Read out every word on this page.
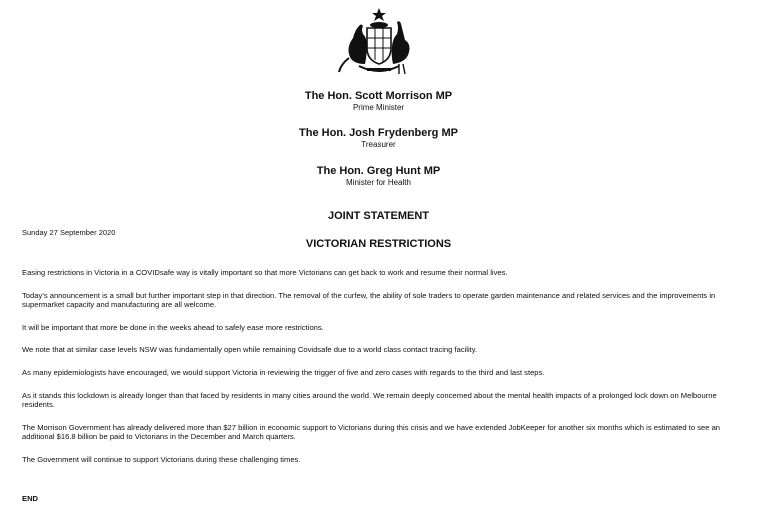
The Hon. Scott Morrison MP
Prime Minister
The Hon. Josh Frydenberg MP
Treasurer
The Hon. Greg Hunt MP
Minister for Health
JOINT STATEMENT
Sunday 27 September 2020
VICTORIAN RESTRICTIONS

Easing restrictions in Victoria in a COVIDsafe way is vitally important so that more Victorians can get back to work and resume their normal lives.

Today’s announcement is a small but further important step in that direction. The removal of the curfew, the ability of sole traders to operate garden maintenance and related services and the improvements in supermarket capacity and manufacturing are all welcome.

It will be important that more be done in the weeks ahead to safely ease more restrictions.

We note that at similar case levels NSW was fundamentally open while remaining Covidsafe due to a world class contact tracing facility.

As many epidemiologists have encouraged, we would support Victoria in reviewing the trigger of five and zero cases with regards to the third and last steps.

As it stands this lockdown is already longer than that faced by residents in many cities around the world. We remain deeply concerned about the mental health impacts of a prolonged lock down on Melbourne residents.

The Morrison Government has already delivered more than $27 billion in economic support to Victorians during this crisis and we have extended JobKeeper for another six months which is estimated to see an additional $16.8 billion be paid to Victorians in the December and March quarters.

The Government will continue to support Victorians during these challenging times.

END
